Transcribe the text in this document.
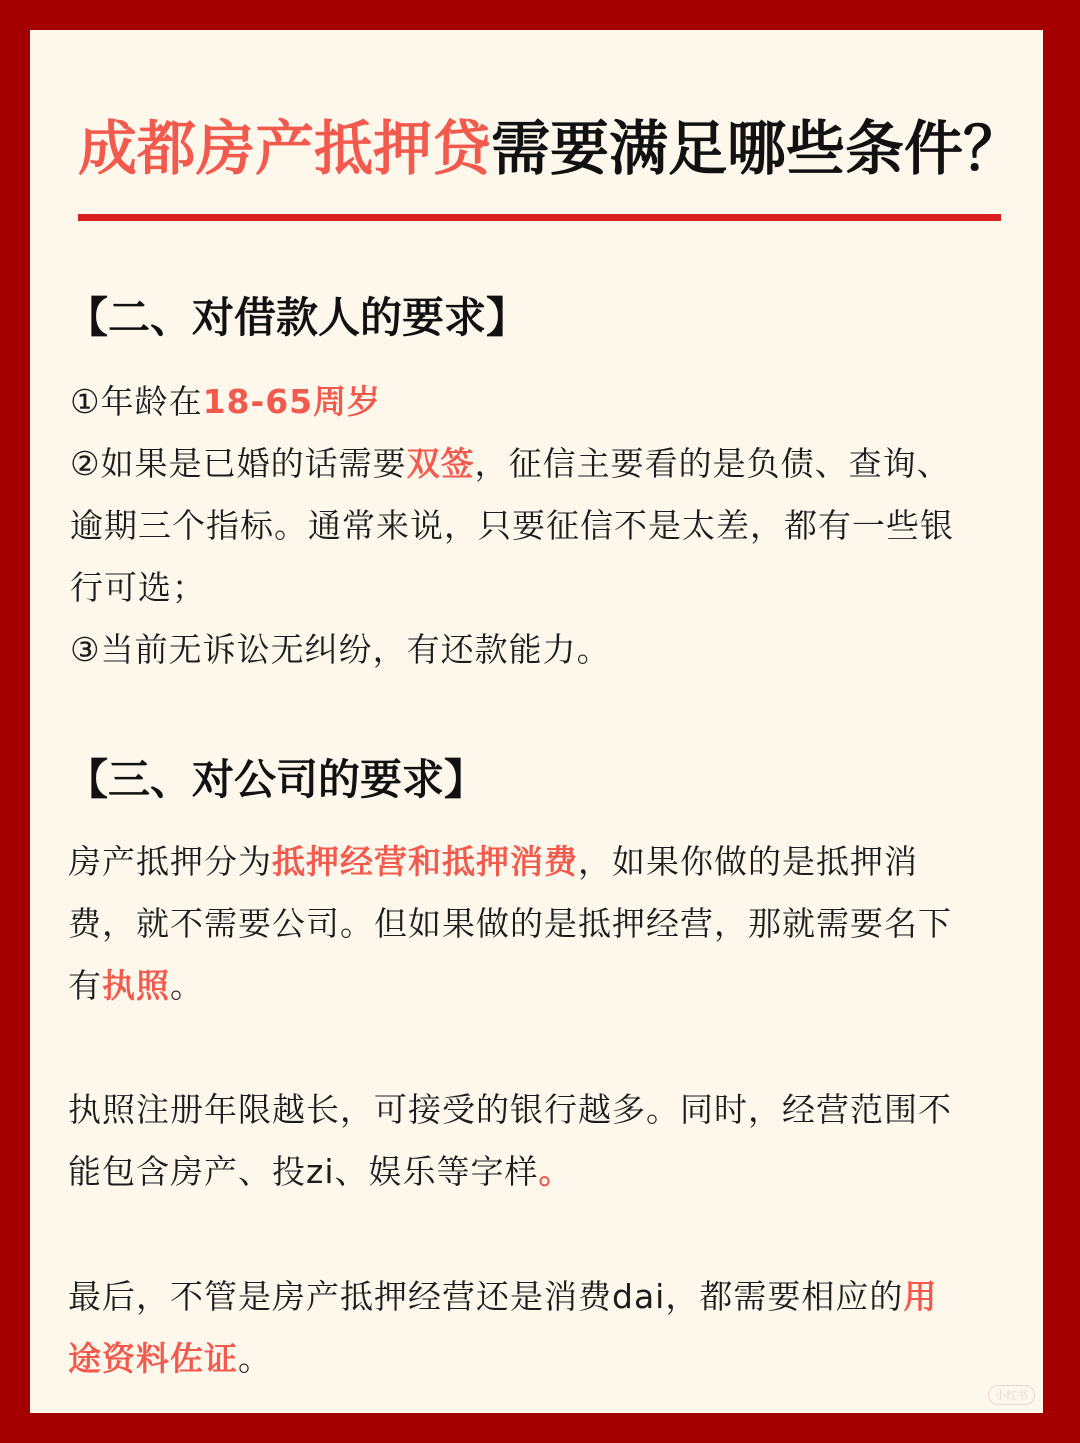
成都房产抵押贷需要满足哪些条件？
【二、对借款人的要求】
①年龄在18-65周岁
②如果是已婚的话需要双签，征信主要看的是负债、查询、
逾期三个指标。通常来说，只要征信不是太差，都有一些银
行可选；
③当前无诉讼无纠纷，有还款能力。
【三、对公司的要求】
房产抵押分为抵押经营和抵押消费，如果你做的是抵押消
费，就不需要公司。但如果做的是抵押经营，那就需要名下
有执照。
执照注册年限越长，可接受的银行越多。同时，经营范围不
能包含房产、投zi、娱乐等字样。
最后，不管是房产抵押经营还是消费dai，都需要相应的用
途资料佐证。
小红书
